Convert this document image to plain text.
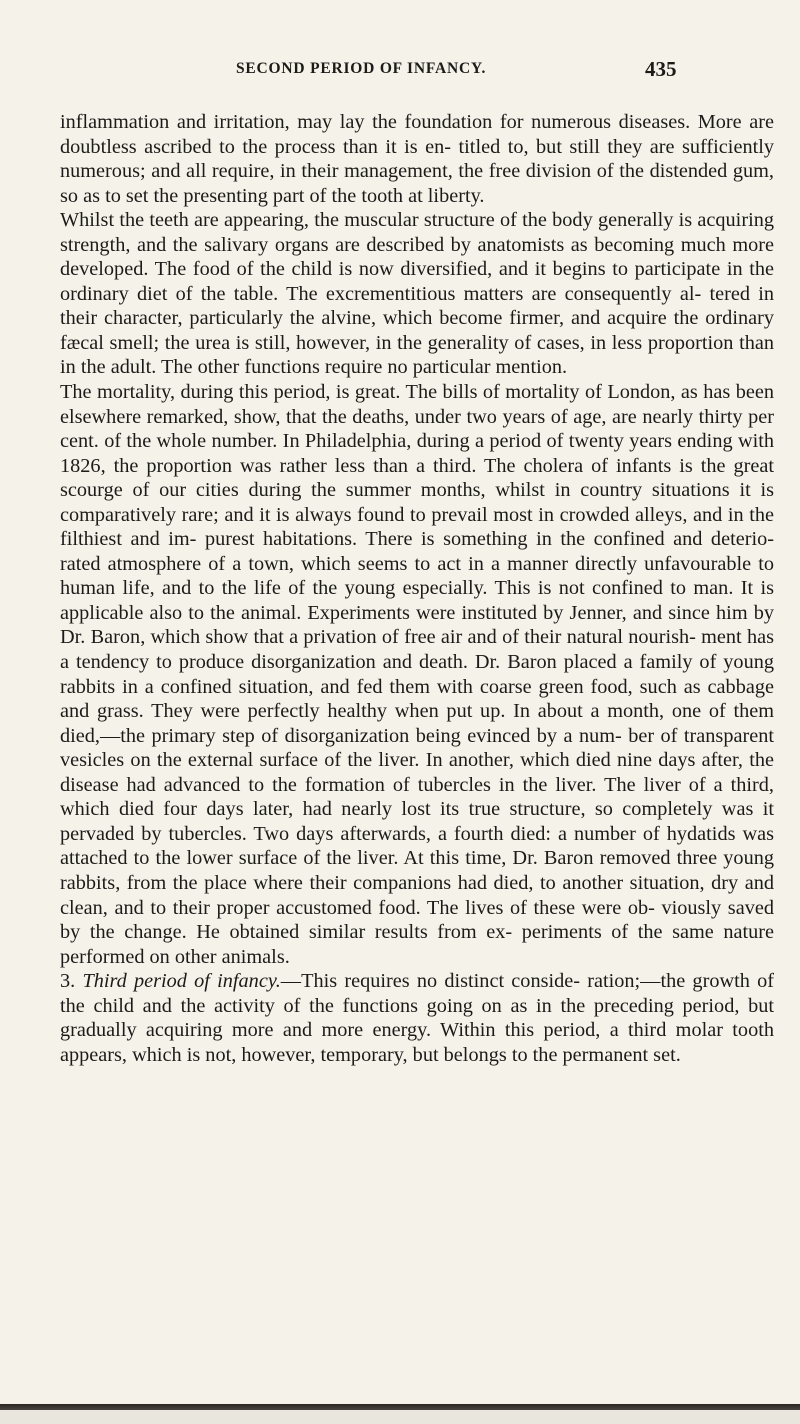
SECOND PERIOD OF INFANCY.	435

inflammation and irritation, may lay the foundation for numerous diseases. More are doubtless ascribed to the process than it is en- titled to, but still they are sufficiently numerous; and all require, in their management, the free division of the distended gum, so as to set the presenting part of the tooth at liberty.

Whilst the teeth are appearing, the muscular structure of the body generally is acquiring strength, and the salivary organs are described by anatomists as becoming much more developed. The food of the child is now diversified, and it begins to participate in the ordinary diet of the table. The excrementitious matters are consequently al- tered in their character, particularly the alvine, which become firmer, and acquire the ordinary fæcal smell; the urea is still, however, in the generality of cases, in less proportion than in the adult. The other functions require no particular mention.

The mortality, during this period, is great. The bills of mortality of London, as has been elsewhere remarked, show, that the deaths, under two years of age, are nearly thirty per cent. of the whole number. In Philadelphia, during a period of twenty years ending with 1826, the proportion was rather less than a third. The cholera of infants is the great scourge of our cities during the summer months, whilst in country situations it is comparatively rare; and it is always found to prevail most in crowded alleys, and in the filthiest and im- purest habitations. There is something in the confined and deterio- rated atmosphere of a town, which seems to act in a manner directly unfavourable to human life, and to the life of the young especially. This is not confined to man. It is applicable also to the animal. Experiments were instituted by Jenner, and since him by Dr. Baron, which show that a privation of free air and of their natural nourish- ment has a tendency to produce disorganization and death. Dr. Baron placed a family of young rabbits in a confined situation, and fed them with coarse green food, such as cabbage and grass. They were perfectly healthy when put up. In about a month, one of them died,—the primary step of disorganization being evinced by a num- ber of transparent vesicles on the external surface of the liver. In another, which died nine days after, the disease had advanced to the formation of tubercles in the liver. The liver of a third, which died four days later, had nearly lost its true structure, so completely was it pervaded by tubercles. Two days afterwards, a fourth died: a number of hydatids was attached to the lower surface of the liver. At this time, Dr. Baron removed three young rabbits, from the place where their companions had died, to another situation, dry and clean, and to their proper accustomed food. The lives of these were ob- viously saved by the change. He obtained similar results from ex- periments of the same nature performed on other animals.

3. Third period of infancy.—This requires no distinct conside- ration;—the growth of the child and the activity of the functions going on as in the preceding period, but gradually acquiring more and more energy. Within this period, a third molar tooth appears, which is not, however, temporary, but belongs to the permanent set.
